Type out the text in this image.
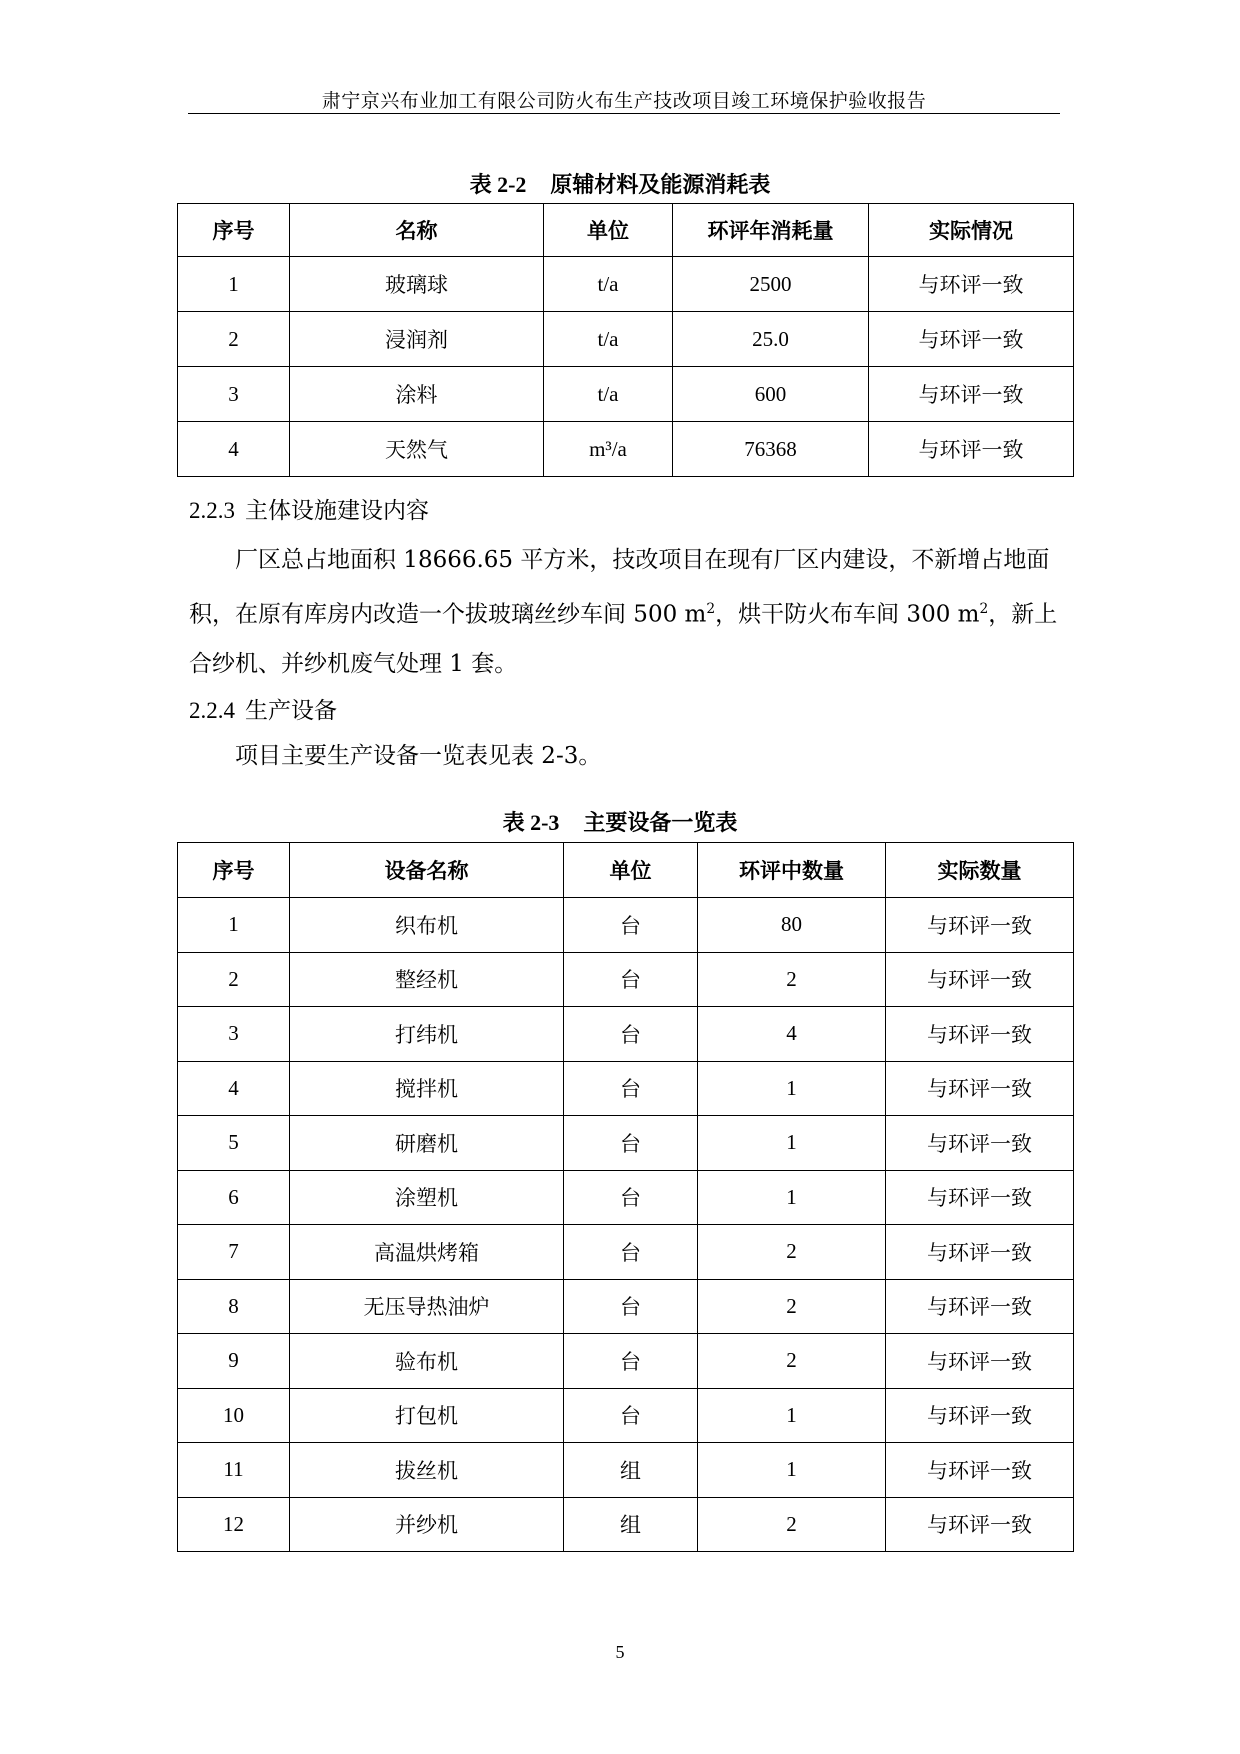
肃宁京兴布业加工有限公司防火布生产技改项目竣工环境保护验收报告
表 2-2 原辅材料及能源消耗表
序号	名称	单位	环评年消耗量	实际情况
1	玻璃球	t/a	2500	与环评一致
2	浸润剂	t/a	25.0	与环评一致
3	涂料	t/a	600	与环评一致
4	天然气	m³/a	76368	与环评一致
2.2.3 主体设施建设内容
厂区总占地面积 18666.65 平方米，技改项目在现有厂区内建设，不新增占地面积，在原有库房内改造一个拔玻璃丝纱车间 500 $m^2$，烘干防火布车间 300 $m^2$，新上合纱机、并纱机废气处理 1 套。
2.2.4 生产设备
项目主要生产设备一览表见表 2-3。
表 2-3 主要设备一览表
序号	设备名称	单位	环评中数量	实际数量
1	织布机	台	80	与环评一致
2	整经机	台	2	与环评一致
3	打纬机	台	4	与环评一致
4	搅拌机	台	1	与环评一致
5	研磨机	台	1	与环评一致
6	涂塑机	台	1	与环评一致
7	高温烘烤箱	台	2	与环评一致
8	无压导热油炉	台	2	与环评一致
9	验布机	台	2	与环评一致
10	打包机	台	1	与环评一致
11	拔丝机	组	1	与环评一致
12	并纱机	组	2	与环评一致
5
